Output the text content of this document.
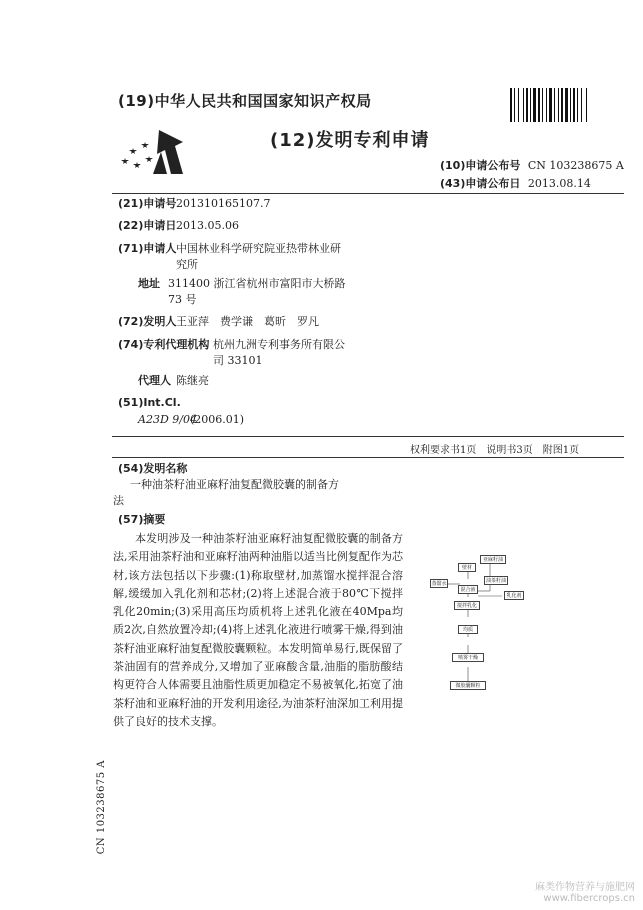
(19)中华人民共和国国家知识产权局
(12)发明专利申请
(10)申请公布号 CN 103238675 A
(43)申请公布日 2013.08.14
(21)申请号 201310165107.7
(22)申请日 2013.05.06
(71)申请人 中国林业科学研究院亚热带林业研
究所
地址 311400 浙江省杭州市富阳市大桥路
73 号
(72)发明人 王亚萍　费学谦　葛昕　罗凡
(74)专利代理机构 杭州九洲专利事务所有限公
司 33101
代理人 陈继亮
(51)Int.Cl.
A23D 9/04
(2006.01)
权利要求书1页　说明书3页　附图1页
(54)发明名称
一种油茶籽油亚麻籽油复配微胶囊的制备方
法
(57)摘要
本发明涉及一种油茶籽油亚麻籽油复配微胶囊的制备方法,采用油茶籽油和亚麻籽油两种油脂以适当比例复配作为芯材,该方法包括以下步骤:(1)称取壁材,加蒸馏水搅拌混合溶解,缓缓加入乳化剂和芯材;(2)将上述混合液于80℃下搅拌乳化20min;(3)采用高压均质机将上述乳化液在40Mpa均质2次,自然放置冷却;(4)将上述乳化液进行喷雾干燥,得到油茶籽油亚麻籽油复配微胶囊颗粒。本发明简单易行,既保留了茶油固有的营养成分,又增加了亚麻酸含量,油脂的脂肪酸结构更符合人体需要且油脂性质更加稳定不易被氧化,拓宽了油茶籽油和亚麻籽油的开发利用途径,为油茶籽油深加工利用提供了良好的技术支撑。
亚麻籽油
壁材
油茶籽油
蒸馏水
混合液
乳化剂
搅拌乳化
均质
喷雾干燥
微胶囊颗粒
CN 103238675 A
麻类作物营养与施肥网
www.fibercrops.cn
